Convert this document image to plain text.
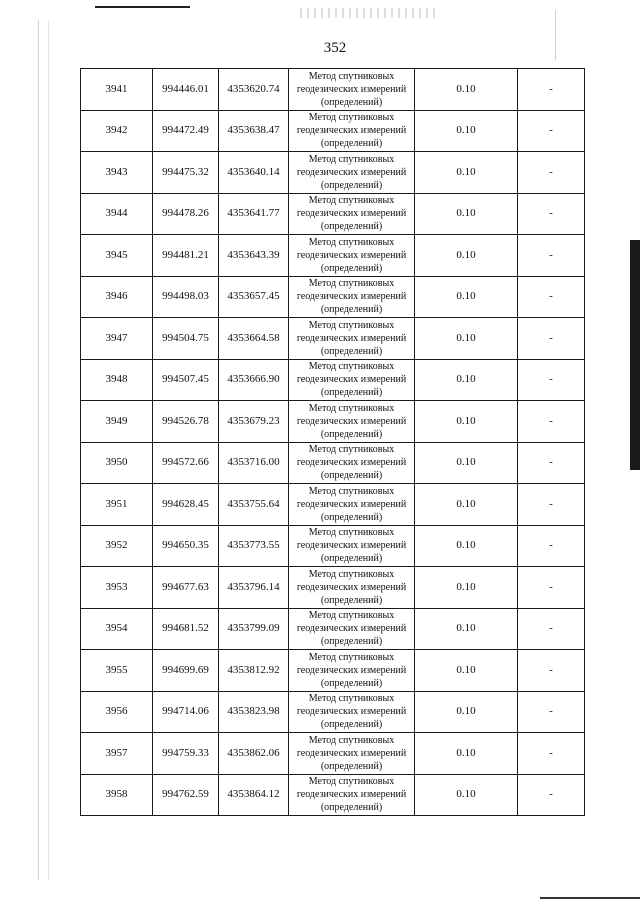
352
3941	994446.01	4353620.74	Метод спутниковых
геодезических измерений
(определений)	0.10	-
3942	994472.49	4353638.47	Метод спутниковых
геодезических измерений
(определений)	0.10	-
3943	994475.32	4353640.14	Метод спутниковых
геодезических измерений
(определений)	0.10	-
3944	994478.26	4353641.77	Метод спутниковых
геодезических измерений
(определений)	0.10	-
3945	994481.21	4353643.39	Метод спутниковых
геодезических измерений
(определений)	0.10	-
3946	994498.03	4353657.45	Метод спутниковых
геодезических измерений
(определений)	0.10	-
3947	994504.75	4353664.58	Метод спутниковых
геодезических измерений
(определений)	0.10	-
3948	994507.45	4353666.90	Метод спутниковых
геодезических измерений
(определений)	0.10	-
3949	994526.78	4353679.23	Метод спутниковых
геодезических измерений
(определений)	0.10	-
3950	994572.66	4353716.00	Метод спутниковых
геодезических измерений
(определений)	0.10	-
3951	994628.45	4353755.64	Метод спутниковых
геодезических измерений
(определений)	0.10	-
3952	994650.35	4353773.55	Метод спутниковых
геодезических измерений
(определений)	0.10	-
3953	994677.63	4353796.14	Метод спутниковых
геодезических измерений
(определений)	0.10	-
3954	994681.52	4353799.09	Метод спутниковых
геодезических измерений
(определений)	0.10	-
3955	994699.69	4353812.92	Метод спутниковых
геодезических измерений
(определений)	0.10	-
3956	994714.06	4353823.98	Метод спутниковых
геодезических измерений
(определений)	0.10	-
3957	994759.33	4353862.06	Метод спутниковых
геодезических измерений
(определений)	0.10	-
3958	994762.59	4353864.12	Метод спутниковых
геодезических измерений
(определений)	0.10	-
